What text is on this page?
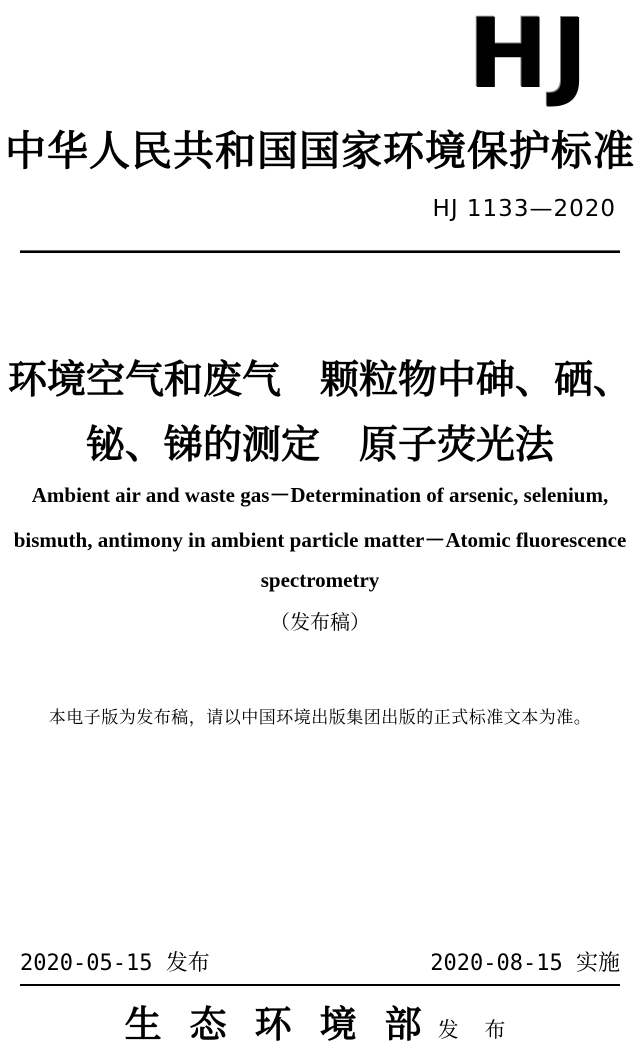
HJ
中华人民共和国国家环境保护标准
HJ 1133—2020
环境空气和废气　颗粒物中砷、硒、
铋、锑的测定　原子荧光法
Ambient air and waste gas－Determination of arsenic, selenium,
bismuth, antimony in ambient particle matter－Atomic fluorescence
spectrometry
（发布稿）
本电子版为发布稿，请以中国环境出版集团出版的正式标准文本为准。
2020-05-15 发布	2020-08-15 实施
生态环境部
发 布
